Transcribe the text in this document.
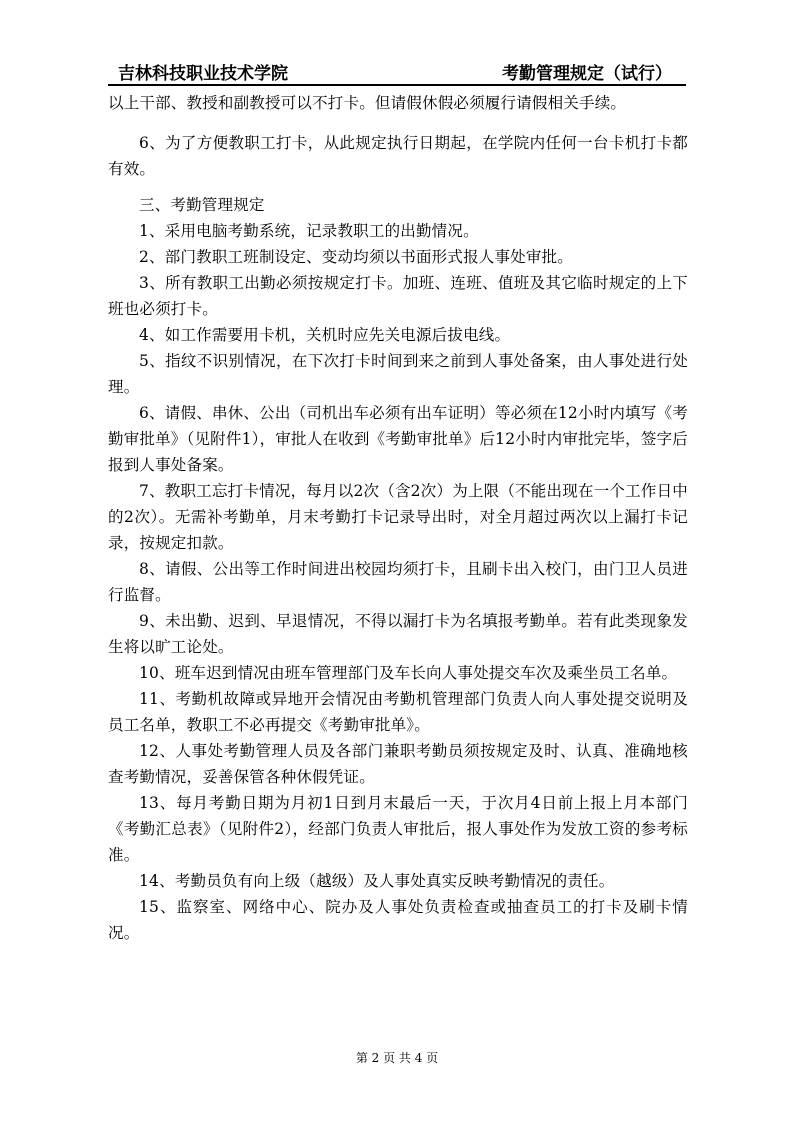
吉林科技职业技术学院	考勤管理规定（试行）

以上干部、教授和副教授可以不打卡。但请假休假必须履行请假相关手续。

6、为了方便教职工打卡，从此规定执行日期起，在学院内任何一台卡机打卡都有效。

三、考勤管理规定

1、采用电脑考勤系统，记录教职工的出勤情况。

2、部门教职工班制设定、变动均须以书面形式报人事处审批。

3、所有教职工出勤必须按规定打卡。加班、连班、值班及其它临时规定的上下班也必须打卡。

4、如工作需要用卡机，关机时应先关电源后拔电线。

5、指纹不识别情况，在下次打卡时间到来之前到人事处备案，由人事处进行处理。

6、请假、串休、公出（司机出车必须有出车证明）等必须在12小时内填写《考勤审批单》（见附件1），审批人在收到《考勤审批单》后12小时内审批完毕，签字后报到人事处备案。

7、教职工忘打卡情况，每月以2次（含2次）为上限（不能出现在一个工作日中的2次）。无需补考勤单，月末考勤打卡记录导出时，对全月超过两次以上漏打卡记录，按规定扣款。

8、请假、公出等工作时间进出校园均须打卡，且刷卡出入校门，由门卫人员进行监督。

9、未出勤、迟到、早退情况，不得以漏打卡为名填报考勤单。若有此类现象发生将以旷工论处。

10、班车迟到情况由班车管理部门及车长向人事处提交车次及乘坐员工名单。

11、考勤机故障或异地开会情况由考勤机管理部门负责人向人事处提交说明及员工名单，教职工不必再提交《考勤审批单》。

12、人事处考勤管理人员及各部门兼职考勤员须按规定及时、认真、准确地核查考勤情况，妥善保管各种休假凭证。

13、每月考勤日期为月初1日到月末最后一天，于次月4日前上报上月本部门《考勤汇总表》（见附件2），经部门负责人审批后，报人事处作为发放工资的参考标准。

14、考勤员负有向上级（越级）及人事处真实反映考勤情况的责任。

15、监察室、网络中心、院办及人事处负责检查或抽查员工的打卡及刷卡情况。

第 2 页 共 4 页
